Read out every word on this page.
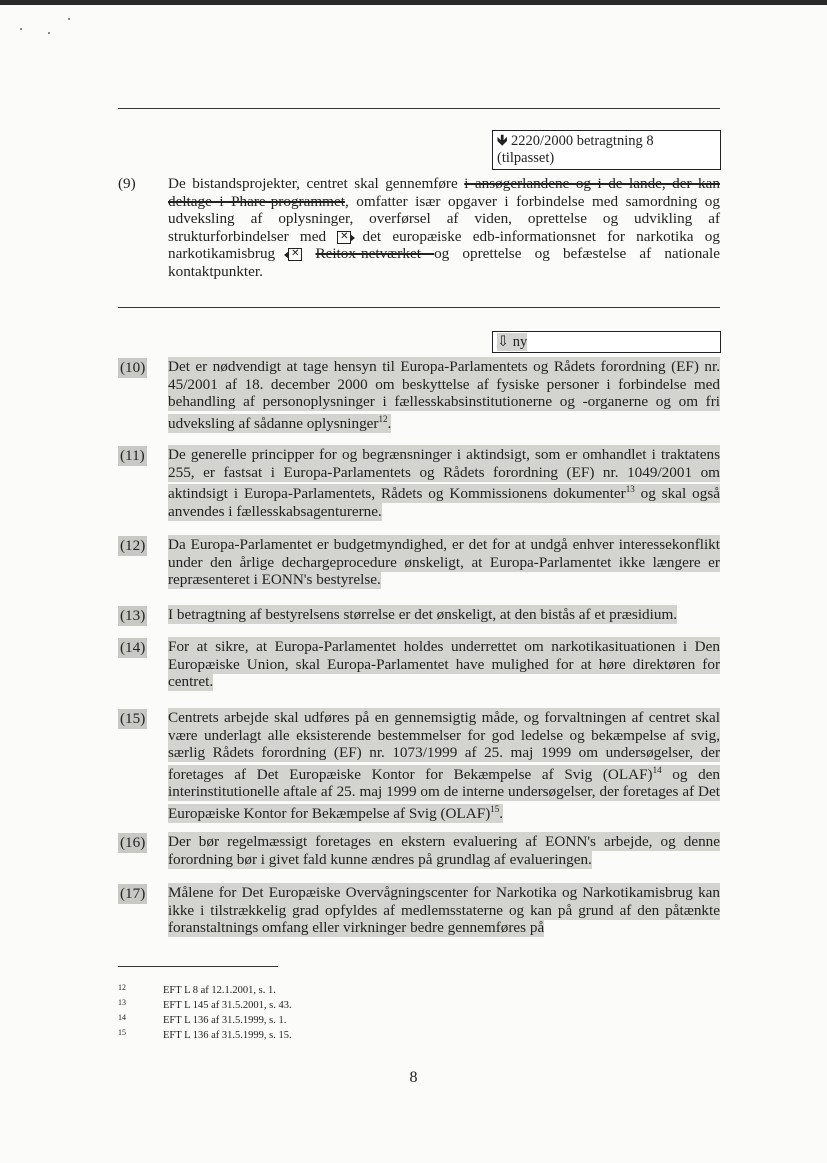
🡻 2220/2000 betragtning 8
(tilpasset)
(9) De bistandsprojekter, centret skal gennemføre i ansøgerlandene og i de lande, der kan deltage i Phare-programmet, omfatter især opgaver i forbindelse med samordning og udveksling af oplysninger, overførsel af viden, oprettelse og udvikling af strukturforbindelser med ✕ det europæiske edb-informationsnet for narkotika og narkotikamisbrug ✕ Reitox-netværket og oprettelse og befæstelse af nationale kontaktpunkter.
⇩ ny
(10) Det er nødvendigt at tage hensyn til Europa-Parlamentets og Rådets forordning (EF) nr. 45/2001 af 18. december 2000 om beskyttelse af fysiske personer i forbindelse med behandling af personoplysninger i fællesskabsinstitutionerne og -organerne og om fri udveksling af sådanne oplysninger$^{12}$.
(11) De generelle principper for og begrænsninger i aktindsigt, som er omhandlet i traktatens 255, er fastsat i Europa-Parlamentets og Rådets forordning (EF) nr. 1049/2001 om aktindsigt i Europa-Parlamentets, Rådets og Kommissionens dokumenter$^{13}$ og skal også anvendes i fællesskabsagenturerne.
(12) Da Europa-Parlamentet er budgetmyndighed, er det for at undgå enhver interessekonflikt under den årlige dechargeprocedure ønskeligt, at Europa-Parlamentet ikke længere er repræsenteret i EONN's bestyrelse.
(13) I betragtning af bestyrelsens størrelse er det ønskeligt, at den bistås af et præsidium.
(14) For at sikre, at Europa-Parlamentet holdes underrettet om narkotikasituationen i Den Europæiske Union, skal Europa-Parlamentet have mulighed for at høre direktøren for centret.
(15) Centrets arbejde skal udføres på en gennemsigtig måde, og forvaltningen af centret skal være underlagt alle eksisterende bestemmelser for god ledelse og bekæmpelse af svig, særlig Rådets forordning (EF) nr. 1073/1999 af 25. maj 1999 om undersøgelser, der foretages af Det Europæiske Kontor for Bekæmpelse af Svig (OLAF)$^{14}$ og den interinstitutionelle aftale af 25. maj 1999 om de interne undersøgelser, der foretages af Det Europæiske Kontor for Bekæmpelse af Svig (OLAF)$^{15}$.
(16) Der bør regelmæssigt foretages en ekstern evaluering af EONN's arbejde, og denne forordning bør i givet fald kunne ændres på grundlag af evalueringen.
(17) Målene for Det Europæiske Overvågningscenter for Narkotika og Narkotikamisbrug kan ikke i tilstrækkelig grad opfyldes af medlemsstaterne og kan på grund af den påtænkte foranstaltnings omfang eller virkninger bedre gennemføres på
12	EFT L 8 af 12.1.2001, s. 1.
13	EFT L 145 af 31.5.2001, s. 43.
14	EFT L 136 af 31.5.1999, s. 1.
15	EFT L 136 af 31.5.1999, s. 15.
8
